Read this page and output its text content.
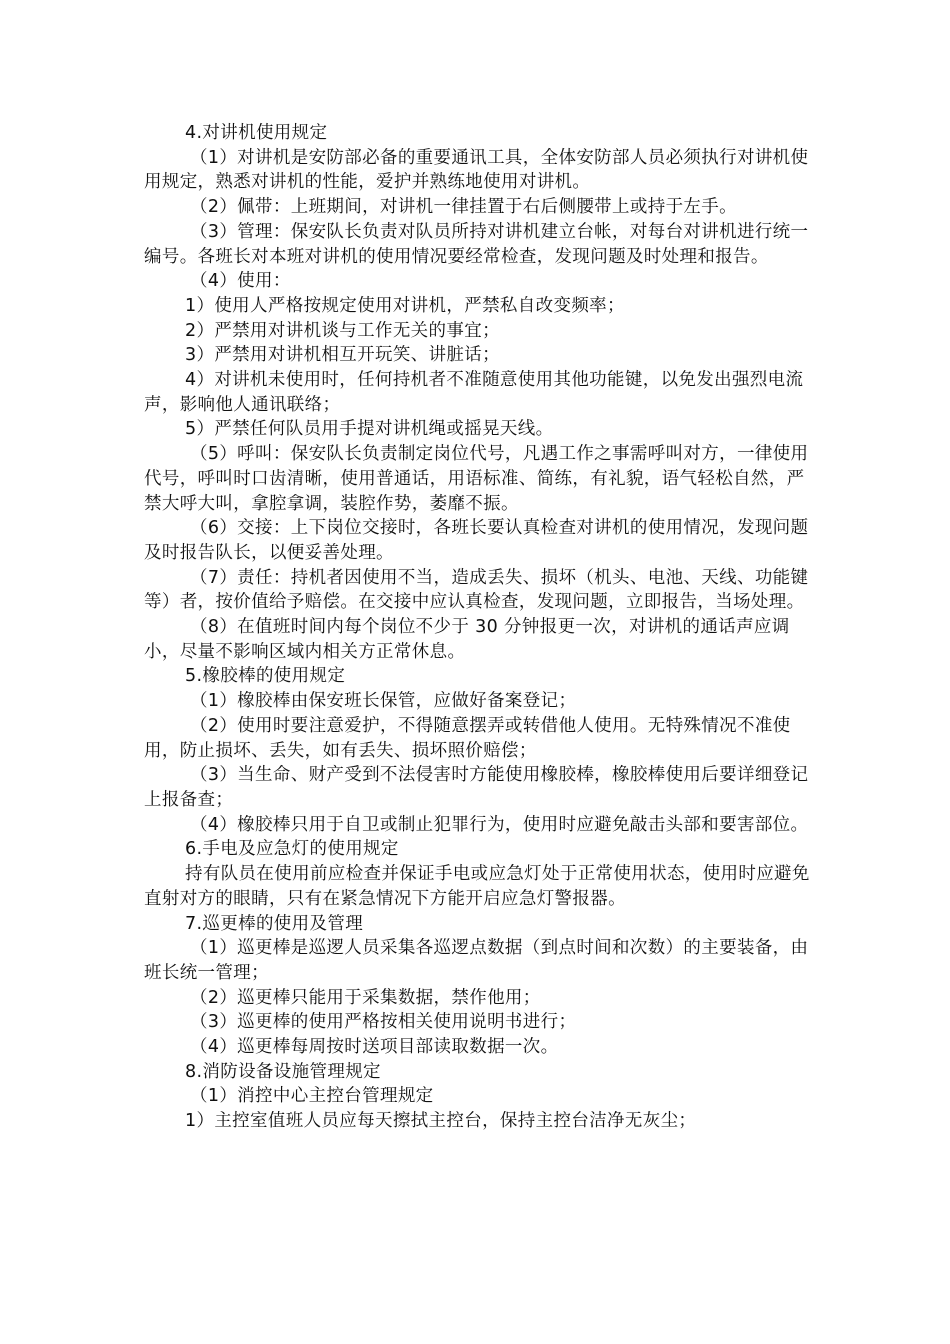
4.对讲机使用规定

（1）对讲机是安防部必备的重要通讯工具，全体安防部人员必须执行对讲机使用规定，熟悉对讲机的性能，爱护并熟练地使用对讲机。

（2）佩带：上班期间，对讲机一律挂置于右后侧腰带上或持于左手。

（3）管理：保安队长负责对队员所持对讲机建立台帐，对每台对讲机进行统一编号。各班长对本班对讲机的使用情况要经常检查，发现问题及时处理和报告。

（4）使用：

1）使用人严格按规定使用对讲机，严禁私自改变频率；

2）严禁用对讲机谈与工作无关的事宜；

3）严禁用对讲机相互开玩笑、讲脏话；

4）对讲机未使用时，任何持机者不准随意使用其他功能键，以免发出强烈电流声，影响他人通讯联络；

5）严禁任何队员用手提对讲机绳或摇晃天线。

（5）呼叫：保安队长负责制定岗位代号，凡遇工作之事需呼叫对方，一律使用代号，呼叫时口齿清晰，使用普通话，用语标准、简练，有礼貌，语气轻松自然，严禁大呼大叫，拿腔拿调，装腔作势，萎靡不振。

（6）交接：上下岗位交接时，各班长要认真检查对讲机的使用情况，发现问题及时报告队长，以便妥善处理。

（7）责任：持机者因使用不当，造成丢失、损坏（机头、电池、天线、功能键等）者，按价值给予赔偿。在交接中应认真检查，发现问题，立即报告，当场处理。

（8）在值班时间内每个岗位不少于 30 分钟报更一次，对讲机的通话声应调小，尽量不影响区域内相关方正常休息。

5.橡胶棒的使用规定

（1）橡胶棒由保安班长保管，应做好备案登记；

（2）使用时要注意爱护，不得随意摆弄或转借他人使用。无特殊情况不准使用，防止损坏、丢失，如有丢失、损坏照价赔偿；

（3）当生命、财产受到不法侵害时方能使用橡胶棒，橡胶棒使用后要详细登记上报备查；

（4）橡胶棒只用于自卫或制止犯罪行为，使用时应避免敲击头部和要害部位。

6.手电及应急灯的使用规定

持有队员在使用前应检查并保证手电或应急灯处于正常使用状态，使用时应避免直射对方的眼睛，只有在紧急情况下方能开启应急灯警报器。

7.巡更棒的使用及管理

（1）巡更棒是巡逻人员采集各巡逻点数据（到点时间和次数）的主要装备，由班长统一管理；

（2）巡更棒只能用于采集数据，禁作他用；

（3）巡更棒的使用严格按相关使用说明书进行；

（4）巡更棒每周按时送项目部读取数据一次。

8.消防设备设施管理规定

（1）消控中心主控台管理规定

1）主控室值班人员应每天擦拭主控台，保持主控台洁净无灰尘；
